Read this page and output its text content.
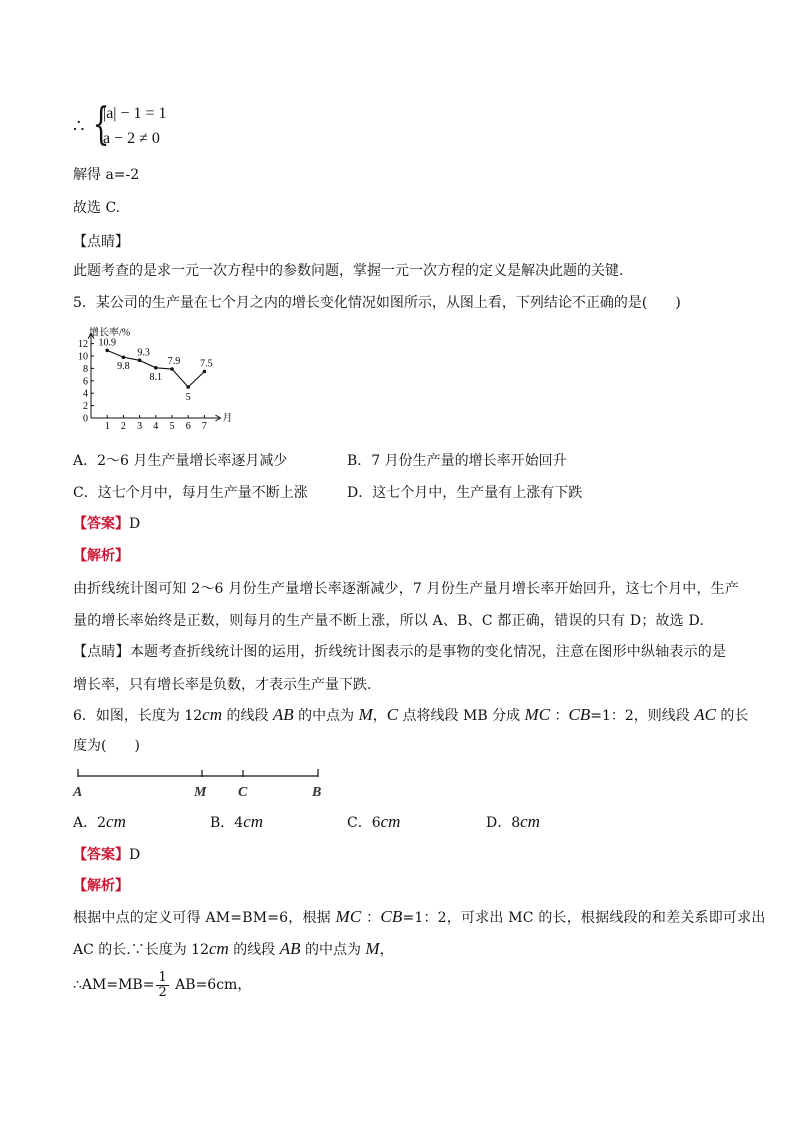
∴ {
|a| − 1 = 1
a − 2 ≠ 0
解得 a=-2
故选 C.
【点睛】
此题考查的是求一元一次方程中的参数问题，掌握一元一次方程的定义是解决此题的关键.
5．某公司的生产量在七个月之内的增长变化情况如图所示，从图上看，下列结论不正确的是(　　)
增长率/%
月
0
2
4
6
8
10
12
1 2 3 4 5 6 7
10.9
9.8
9.3
8.1
7.9
5
7.5
A．2～6 月生产量增长率逐月减少	B．7 月份生产量的增长率开始回升
C．这七个月中，每月生产量不断上涨	D．这七个月中，生产量有上涨有下跌
【答案】D
【解析】
由折线统计图可知 2～6 月份生产量增长率逐渐减少，7 月份生产量月增长率开始回升，这七个月中，生产
量的增长率始终是正数，则每月的生产量不断上涨，所以 A、B、C 都正确，错误的只有 D；故选 D.
【点睛】本题考查折线统计图的运用，折线统计图表示的是事物的变化情况，注意在图形中纵轴表示的是
增长率，只有增长率是负数，才表示生产量下跌.
6．如图，长度为 12cm 的线段 AB 的中点为 M，C 点将线段 MB 分成 MC ：CB=1：2，则线段 AC 的长
度为(　　)
A	M C	B
A．2cm	B．4cm	C．6cm	D．8cm
【答案】D
【解析】
根据中点的定义可得 AM=BM=6，根据 MC ：CB=1：2，可求出 MC 的长，根据线段的和差关系即可求出
AC 的长.∵长度为 12cm 的线段 AB 的中点为 M，
∴AM=MB= $\frac{1}{2} AB=6cm$，
